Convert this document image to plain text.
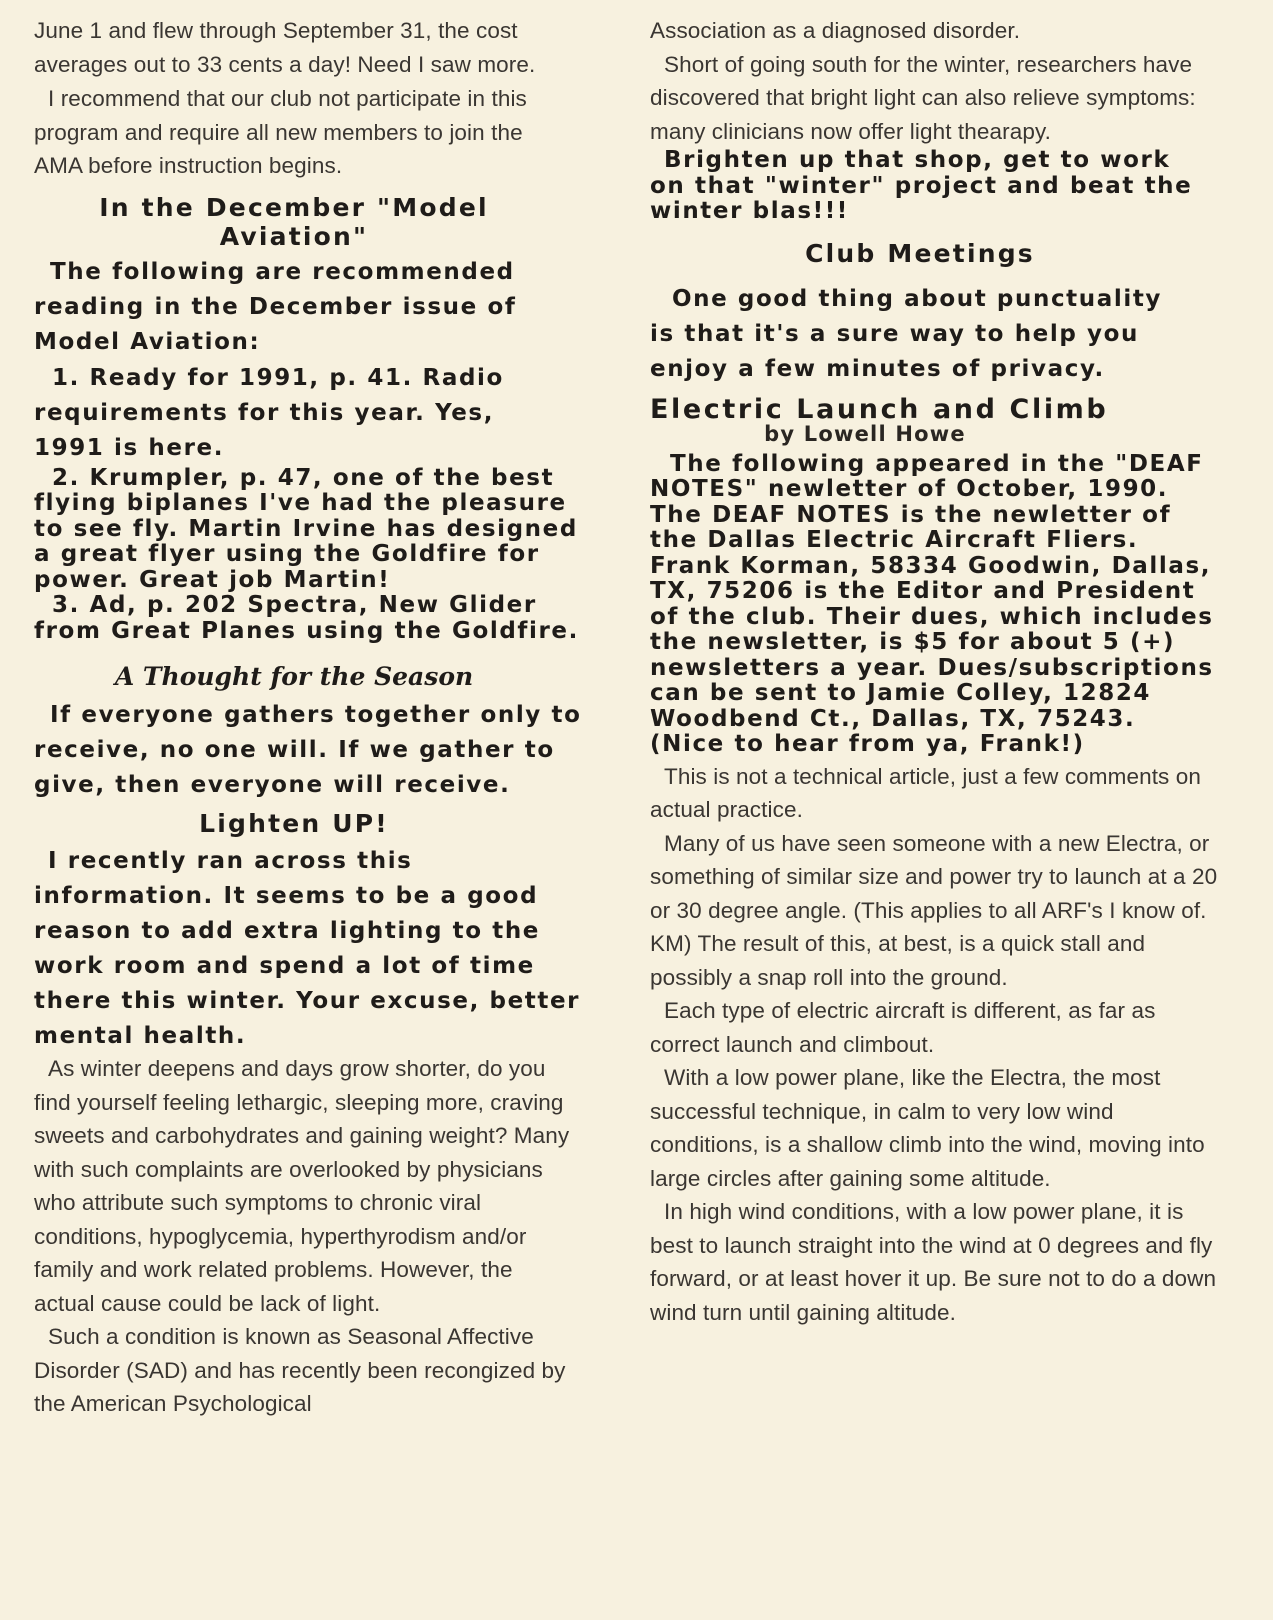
June 1 and flew through September 31, the cost averages out to 33 cents a day! Need I saw more.

I recommend that our club not participate in this program and require all new members to join the AMA before instruction begins.

In the December "Model Aviation"

The following are recommended reading in the December issue of Model Aviation:

1. Ready for 1991, p. 41. Radio requirements for this year. Yes, 1991 is here.

2. Krumpler, p. 47, one of the best flying biplanes I've had the pleasure to see fly. Martin Irvine has designed a great flyer using the Goldfire for power. Great job Martin!

3. Ad, p. 202 Spectra, New Glider from Great Planes using the Goldfire.

A Thought for the Season

If everyone gathers together only to receive, no one will. If we gather to give, then everyone will receive.

Lighten UP!

I recently ran across this information. It seems to be a good reason to add extra lighting to the work room and spend a lot of time there this winter. Your excuse, better mental health.

As winter deepens and days grow shorter, do you find yourself feeling lethargic, sleeping more, craving sweets and carbohydrates and gaining weight? Many with such complaints are overlooked by physicians who attribute such symptoms to chronic viral conditions, hypoglycemia, hyperthyrodism and/or family and work related problems. However, the actual cause could be lack of light.

Such a condition is known as Seasonal Affective Disorder (SAD) and has recently been recongized by the American Psychological

Association as a diagnosed disorder.

Short of going south for the winter, researchers have discovered that bright light can also relieve symptoms: many clinicians now offer light thearapy.

Brighten up that shop, get to work on that "winter" project and beat the winter blas!!!

Club Meetings

One good thing about punctuality is that it's a sure way to help you enjoy a few minutes of privacy.

Electric Launch and Climb

by Lowell Howe

The following appeared in the "DEAF NOTES" newletter of October, 1990. The DEAF NOTES is the newletter of the Dallas Electric Aircraft Fliers. Frank Korman, 58334 Goodwin, Dallas, TX, 75206 is the Editor and President of the club. Their dues, which includes the newsletter, is $5 for about 5 (+) newsletters a year. Dues/subscriptions can be sent to Jamie Colley, 12824 Woodbend Ct., Dallas, TX, 75243. (Nice to hear from ya, Frank!)

This is not a technical article, just a few comments on actual practice.

Many of us have seen someone with a new Electra, or something of similar size and power try to launch at a 20 or 30 degree angle. (This applies to all ARF's I know of. KM) The result of this, at best, is a quick stall and possibly a snap roll into the ground.

Each type of electric aircraft is different, as far as correct launch and climbout.

With a low power plane, like the Electra, the most successful technique, in calm to very low wind conditions, is a shallow climb into the wind, moving into large circles after gaining some altitude.

In high wind conditions, with a low power plane, it is best to launch straight into the wind at 0 degrees and fly forward, or at least hover it up. Be sure not to do a down wind turn until gaining altitude.
